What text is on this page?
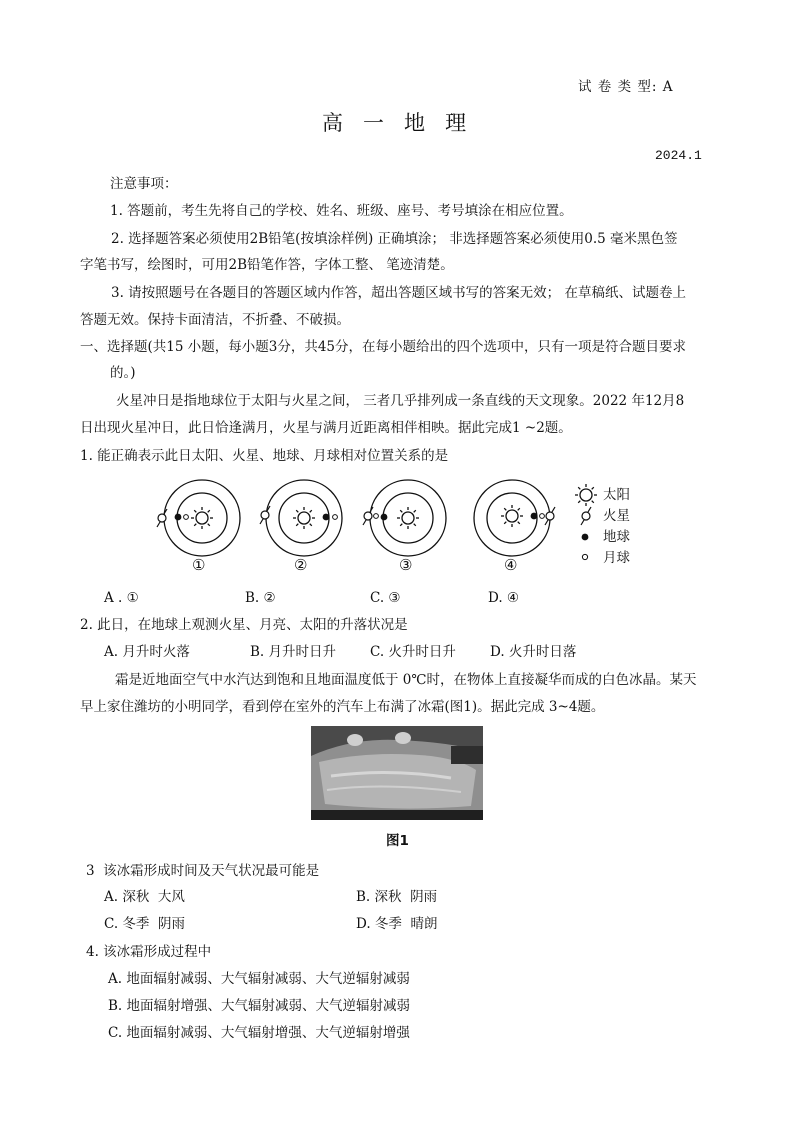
试 卷 类 型: A
高   一   地   理
2024.1
注意事项：
1. 答题前，考生先将自己的学校、姓名、班级、座号、考号填涂在相应位置。
2. 选择题答案必须使用2B铅笔(按填涂样例) 正确填涂； 非选择题答案必须使用0.5 毫米黑色签
字笔书写，绘图时，可用2B铅笔作答，字体工整、 笔迹清楚。
3. 请按照题号在各题目的答题区域内作答，超出答题区域书写的答案无效； 在草稿纸、试题卷上
答题无效。保持卡面清洁，不折叠、不破损。
一、选择题(共15 小题，每小题3分，共45分，在每小题给出的四个选项中，只有一项是符合题目要求
的。)
火星冲日是指地球位于太阳与火星之间， 三者几乎排列成一条直线的天文现象。2022 年12月8
日出现火星冲日，此日恰逢满月，火星与满月近距离相伴相映。据此完成1 ~2题。
1. 能正确表示此日太阳、火星、地球、月球相对位置关系的是
①	②	③	④
太阳
火星
地球
月球
A . ①	B. ②	C. ③	D. ④
2. 此日，在地球上观测火星、月亮、太阳的升落状况是
A. 月升时火落	B. 月升时日升	C. 火升时日升	D. 火升时日落
霜是近地面空气中水汽达到饱和且地面温度低于 0℃时，在物体上直接凝华而成的白色冰晶。某天
早上家住潍坊的小明同学，看到停在室外的汽车上布满了冰霜(图1)。据此完成 3~4题。
图1
3  该冰霜形成时间及天气状况最可能是
A. 深秋  大风	B. 深秋  阴雨
C. 冬季  阴雨	D. 冬季  晴朗
4. 该冰霜形成过程中
A. 地面辐射减弱、大气辐射减弱、大气逆辐射减弱
B. 地面辐射增强、大气辐射减弱、大气逆辐射减弱
C. 地面辐射减弱、大气辐射增强、大气逆辐射增强
